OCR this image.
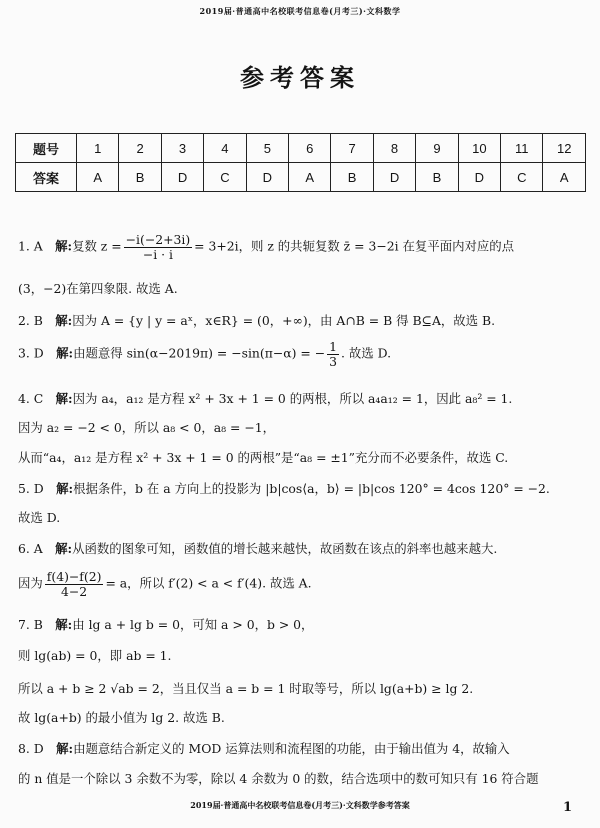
2019届·普通高中名校联考信息卷(月考三)·文科数学
参考答案
题号	1	2	3	4	5	6	7	8	9	10	11	12
答案	A	B	D	C	D	A	B	D	B	D	C	A
1. A　解:复数 $z = \frac{-i(-2+3i)}{-i \cdot i} = 3+2i$，则 z 的共轭复数 z̄ = 3−2i 在复平面内对应的点
(3，−2)在第四象限. 故选 A.
2. B　解:因为 A = {y | y = aˣ，x∈R} = (0，+∞)，由 A∩B = B 得 B⊆A，故选 B.
3. D　解:由题意得 sin(α−2019π) = −sin(π−α) = − $\frac{1}{3}$ . 故选 D.
4. C　解:因为 a₄，a₁₂ 是方程 x² + 3x + 1 = 0 的两根，所以 a₄a₁₂ = 1，因此 a₈² = 1.
因为 a₂ = −2 < 0，所以 a₈ < 0，a₈ = −1，
从而“a₄，a₁₂ 是方程 x² + 3x + 1 = 0 的两根”是“a₈ = ±1”充分而不必要条件，故选 C.
5. D　解:根据条件，b 在 a 方向上的投影为 |b|cos⟨a，b⟩ = |b|cos 120° = 4cos 120° = −2.
故选 D.
6. A　解:从函数的图象可知，函数值的增长越来越快，故函数在该点的斜率也越来越大.
因为 $\frac{f(4)-f(2)}{4-2} = a$，所以 f′(2) < a < f′(4). 故选 A.
7. B　解:由 lg a + lg b = 0，可知 a > 0，b > 0，
则 lg(ab) = 0，即 ab = 1.
所以 a + b ≥ 2 √ab = 2，当且仅当 a = b = 1 时取等号，所以 lg(a+b) ≥ lg 2.
故 lg(a+b) 的最小值为 lg 2. 故选 B.
8. D　解:由题意结合新定义的 MOD 运算法则和流程图的功能，由于输出值为 4，故输入
的 n 值是一个除以 3 余数不为零，除以 4 余数为 0 的数，结合选项中的数可知只有 16 符合题
2019届·普通高中名校联考信息卷(月考三)·文科数学参考答案	1
